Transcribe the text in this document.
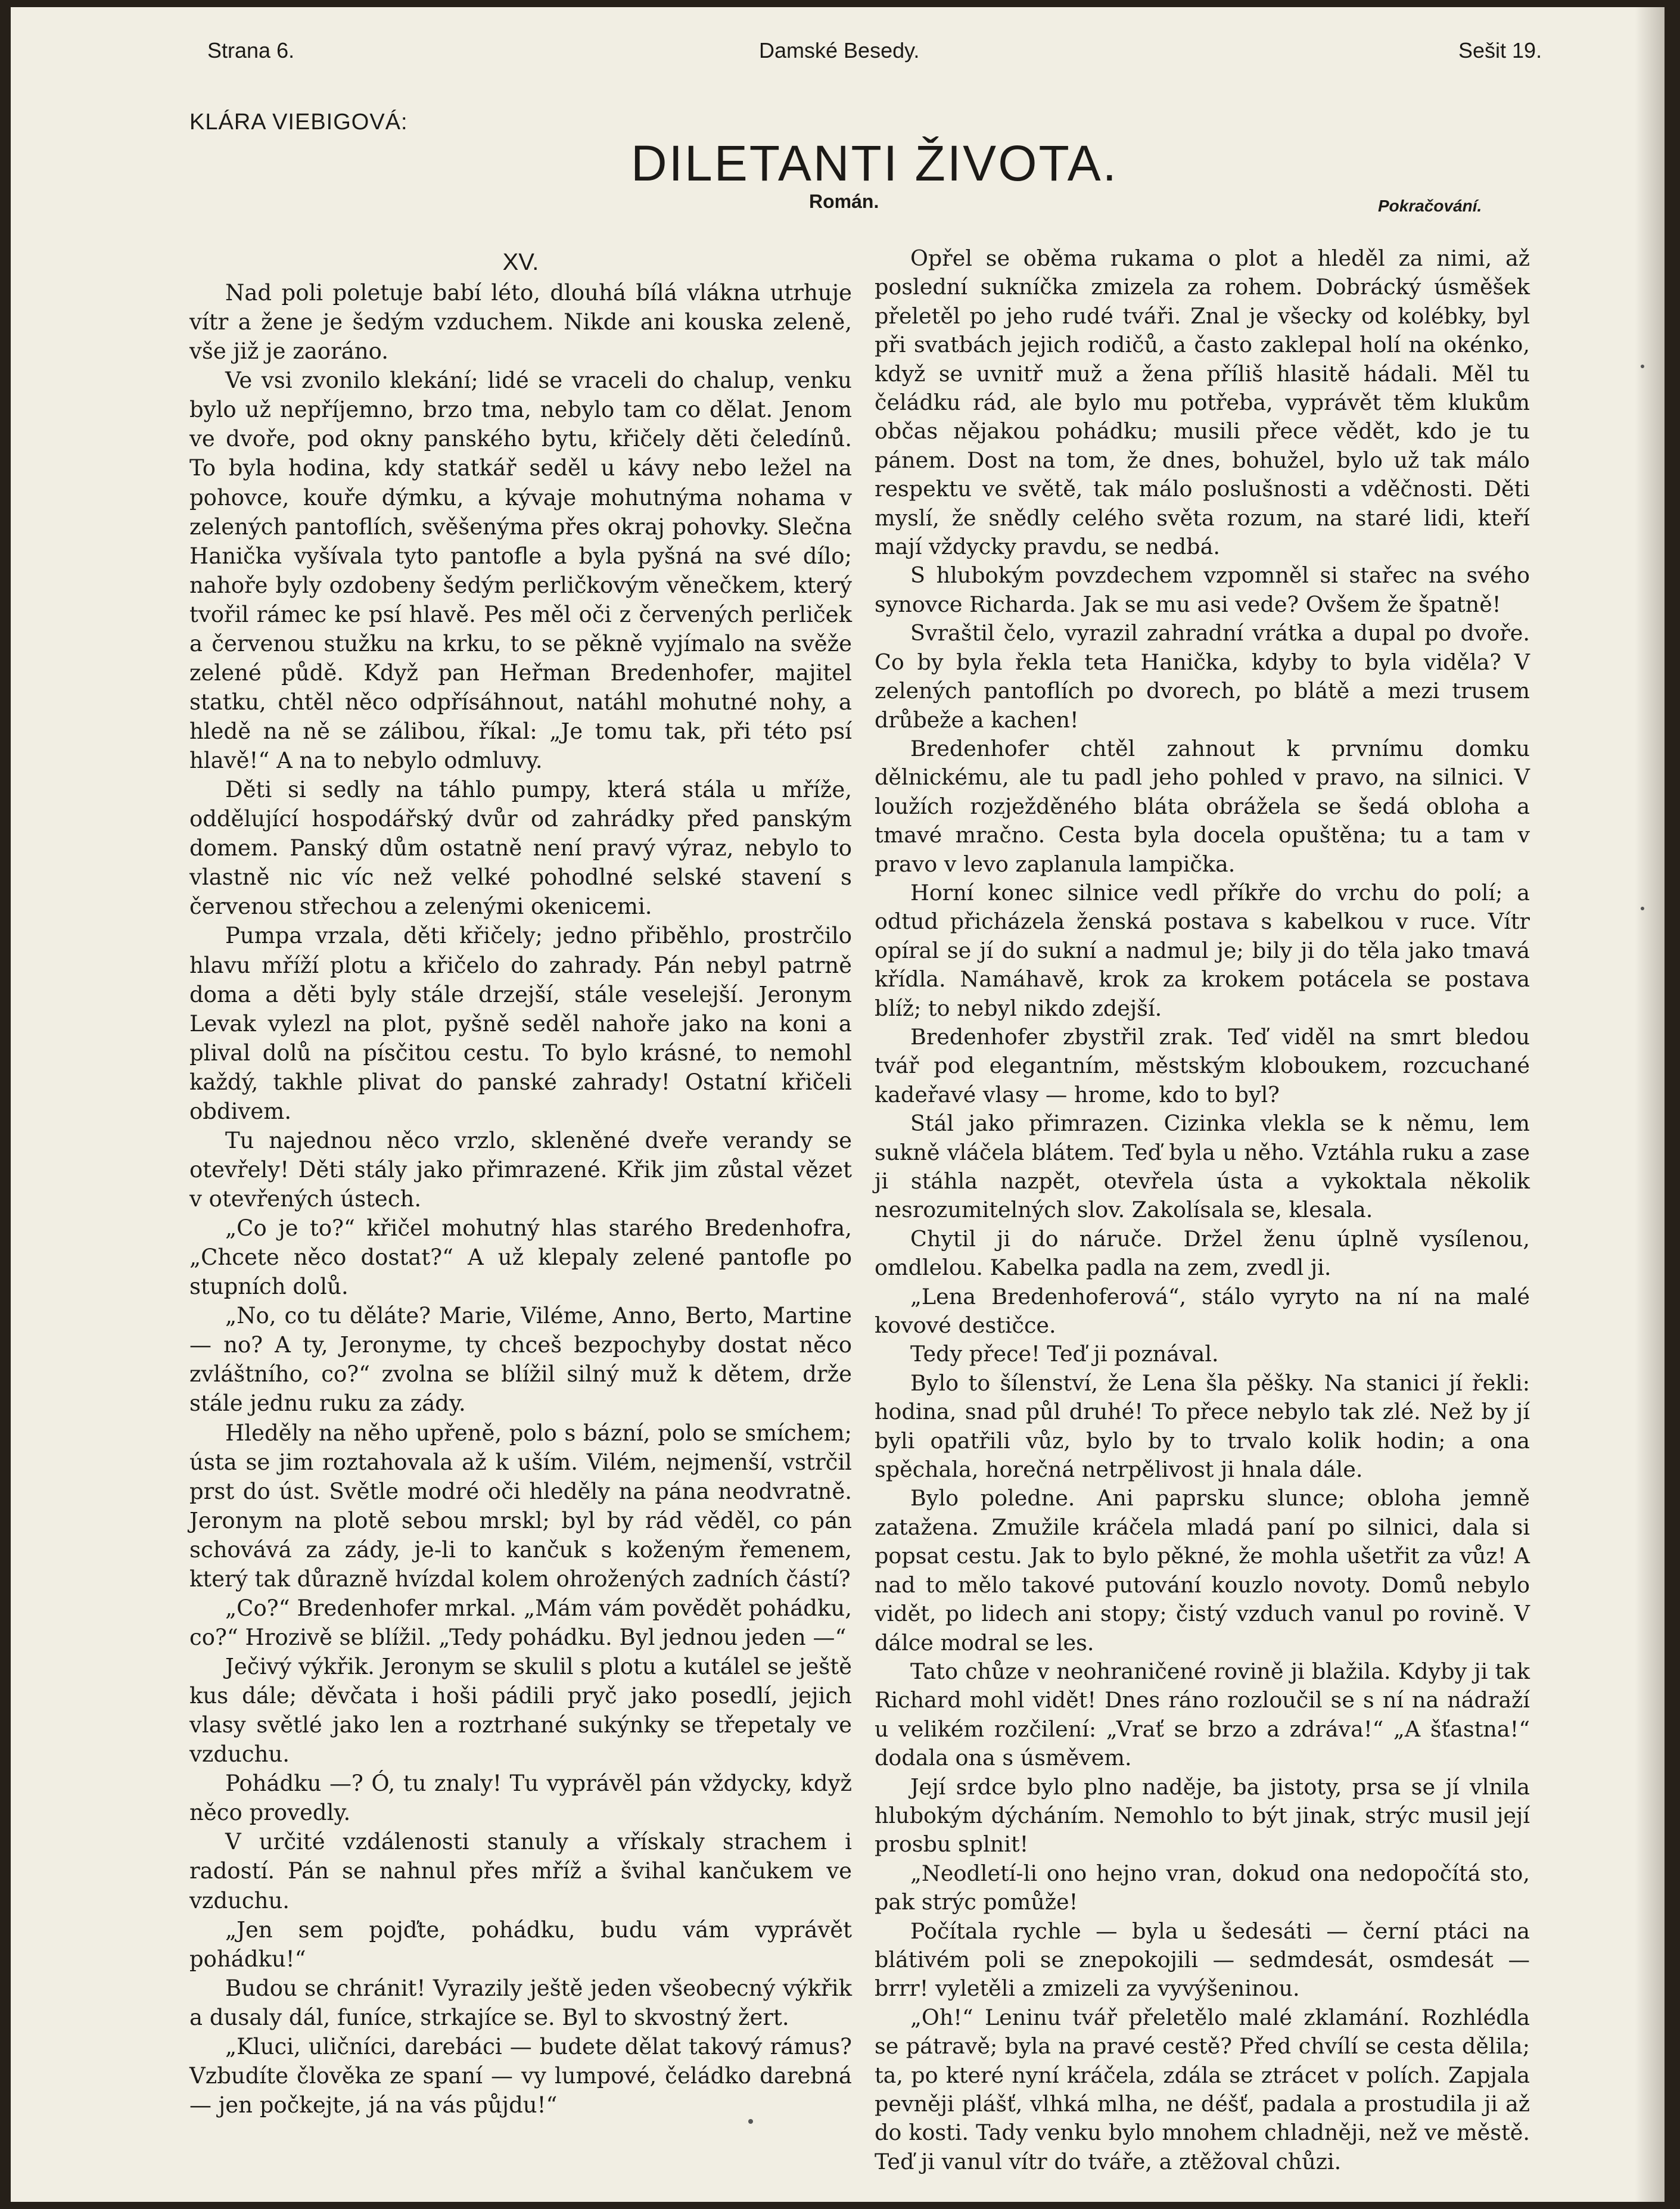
Strana 6.	Damské Besedy.	Sešit 19.
KLÁRA VIEBIGOVÁ:
DILETANTI ŽIVOTA.
Román.	Pokračování.
XV.

Nad poli poletuje babí léto, dlouhá bílá vlákna utrhuje vítr a žene je šedým vzduchem. Nikde ani kouska zeleně, vše již je zaoráno.

Ve vsi zvonilo klekání; lidé se vraceli do chalup, venku bylo už nepříjemno, brzo tma, nebylo tam co dělat. Jenom ve dvoře, pod okny panského bytu, křičely děti čeledínů. To byla hodina, kdy statkář seděl u kávy nebo ležel na pohovce, kouře dýmku, a kývaje mohutnýma nohama v zelených pantoflích, svěšenýma přes okraj pohovky. Slečna Hanička vyšívala tyto pantofle a byla pyšná na své dílo; nahoře byly ozdobeny šedým perličkovým věnečkem, který tvořil rámec ke psí hlavě. Pes měl oči z červených perliček a červenou stužku na krku, to se pěkně vyjímalo na svěže zelené půdě. Když pan Heřman Bredenhofer, majitel statku, chtěl něco odpřísáhnout, natáhl mohutné nohy, a hledě na ně se zálibou, říkal: „Je tomu tak, při této psí hlavě!“ A na to nebylo odmluvy.

Děti si sedly na táhlo pumpy, která stála u mříže, oddělující hospodářský dvůr od zahrádky před panským domem. Panský dům ostatně není pravý výraz, nebylo to vlastně nic víc než velké pohodlné selské stavení s červenou střechou a zelenými okenicemi.

Pumpa vrzala, děti křičely; jedno přiběhlo, prostrčilo hlavu mříží plotu a křičelo do zahrady. Pán nebyl patrně doma a děti byly stále drzejší, stále veselejší. Jeronym Levak vylezl na plot, pyšně seděl nahoře jako na koni a plival dolů na písčitou cestu. To bylo krásné, to nemohl každý, takhle plivat do panské zahrady! Ostatní křičeli obdivem.

Tu najednou něco vrzlo, skleněné dveře verandy se otevřely! Děti stály jako přimrazené. Křik jim zůstal vězet v otevřených ústech.

„Co je to?“ křičel mohutný hlas starého Bredenhofra, „Chcete něco dostat?“ A už klepaly zelené pantofle po stupních dolů.

„No, co tu děláte? Marie, Viléme, Anno, Berto, Martine — no? A ty, Jeronyme, ty chceš bezpochyby dostat něco zvláštního, co?“ zvolna se blížil silný muž k dětem, drže stále jednu ruku za zády.

Hleděly na něho upřeně, polo s bázní, polo se smíchem; ústa se jim roztahovala až k uším. Vilém, nejmenší, vstrčil prst do úst. Světle modré oči hleděly na pána neodvratně. Jeronym na plotě sebou mrskl; byl by rád věděl, co pán schovává za zády, je-li to kančuk s koženým řemenem, který tak důrazně hvízdal kolem ohrožených zadních částí?

„Co?“ Bredenhofer mrkal. „Mám vám povědět pohádku, co?“ Hrozivě se blížil. „Tedy pohádku. Byl jednou jeden —“

Ječivý výkřik. Jeronym se skulil s plotu a kutálel se ještě kus dále; děvčata i hoši pádili pryč jako posedlí, jejich vlasy světlé jako len a roztrhané sukýnky se třepetaly ve vzduchu.

Pohádku —? Ó, tu znaly! Tu vyprávěl pán vždycky, když něco provedly.

V určité vzdálenosti stanuly a vřískaly strachem i radostí. Pán se nahnul přes mříž a švihal kančukem ve vzduchu.

„Jen sem pojďte, pohádku, budu vám vyprávět pohádku!“

Budou se chránit! Vyrazily ještě jeden všeobecný výkřik a dusaly dál, funíce, strkajíce se. Byl to skvostný žert.

„Kluci, uličníci, darebáci — budete dělat takový rámus? Vzbudíte člověka ze spaní — vy lumpové, čeládko darebná — jen počkejte, já na vás půjdu!“

Opřel se oběma rukama o plot a hleděl za nimi, až poslední sukníčka zmizela za rohem. Dobrácký úsměšek přeletěl po jeho rudé tváři. Znal je všecky od kolébky, byl při svatbách jejich rodičů, a často zaklepal holí na okénko, když se uvnitř muž a žena příliš hlasitě hádali. Měl tu čeládku rád, ale bylo mu potřeba, vyprávět těm klukům občas nějakou pohádku; musili přece vědět, kdo je tu pánem. Dost na tom, že dnes, bohužel, bylo už tak málo respektu ve světě, tak málo poslušnosti a vděčnosti. Děti myslí, že snědly celého světa rozum, na staré lidi, kteří mají vždycky pravdu, se nedbá.

S hlubokým povzdechem vzpomněl si stařec na svého synovce Richarda. Jak se mu asi vede? Ovšem že špatně!

Svraštil čelo, vyrazil zahradní vrátka a dupal po dvoře. Co by byla řekla teta Hanička, kdyby to byla viděla? V zelených pantoflích po dvorech, po blátě a mezi trusem drůbeže a kachen!

Bredenhofer chtěl zahnout k prvnímu domku dělnickému, ale tu padl jeho pohled v pravo, na silnici. V loužích rozježděného bláta obrážela se šedá obloha a tmavé mračno. Cesta byla docela opuštěna; tu a tam v pravo v levo zaplanula lampička.

Horní konec silnice vedl příkře do vrchu do polí; a odtud přicházela ženská postava s kabelkou v ruce. Vítr opíral se jí do sukní a nadmul je; bily ji do těla jako tmavá křídla. Namáhavě, krok za krokem potácela se postava blíž; to nebyl nikdo zdejší.

Bredenhofer zbystřil zrak. Teď viděl na smrt bledou tvář pod elegantním, městským kloboukem, rozcuchané kadeřavé vlasy — hrome, kdo to byl?

Stál jako přimrazen. Cizinka vlekla se k němu, lem sukně vláčela blátem. Teď byla u něho. Vztáhla ruku a zase ji stáhla nazpět, otevřela ústa a vykoktala několik nesrozumitelných slov. Zakolísala se, klesala.

Chytil ji do náruče. Držel ženu úplně vysílenou, omdlelou. Kabelka padla na zem, zvedl ji.

„Lena Bredenhoferová“, stálo vyryto na ní na malé kovové destičce.

Tedy přece! Teď ji poznával.

Bylo to šílenství, že Lena šla pěšky. Na stanici jí řekli: hodina, snad půl druhé! To přece nebylo tak zlé. Než by jí byli opatřili vůz, bylo by to trvalo kolik hodin; a ona spěchala, horečná netrpělivost ji hnala dále.

Bylo poledne. Ani paprsku slunce; obloha jemně zatažena. Zmužile kráčela mladá paní po silnici, dala si popsat cestu. Jak to bylo pěkné, že mohla ušetřit za vůz! A nad to mělo takové putování kouzlo novoty. Domů nebylo vidět, po lidech ani stopy; čistý vzduch vanul po rovině. V dálce modral se les.

Tato chůze v neohraničené rovině ji blažila. Kdyby ji tak Richard mohl vidět! Dnes ráno rozloučil se s ní na nádraží u velikém rozčilení: „Vrať se brzo a zdráva!“ „A šťastna!“ dodala ona s úsměvem.

Její srdce bylo plno naděje, ba jistoty, prsa se jí vlnila hlubokým dýcháním. Nemohlo to být jinak, strýc musil její prosbu splnit!

„Neodletí-li ono hejno vran, dokud ona nedopočítá sto, pak strýc pomůže!

Počítala rychle — byla u šedesáti — černí ptáci na blátivém poli se znepokojili — sedmdesát, osmdesát — brrr! vyletěli a zmizeli za vyvýšeninou.

„Oh!“ Leninu tvář přeletělo malé zklamání. Rozhlédla se pátravě; byla na pravé cestě? Před chvílí se cesta dělila; ta, po které nyní kráčela, zdála se ztrácet v polích. Zapjala pevněji plášť, vlhká mlha, ne déšť, padala a prostudila ji až do kosti. Tady venku bylo mnohem chladněji, než ve městě. Teď ji vanul vítr do tváře, a ztěžoval chůzi.
